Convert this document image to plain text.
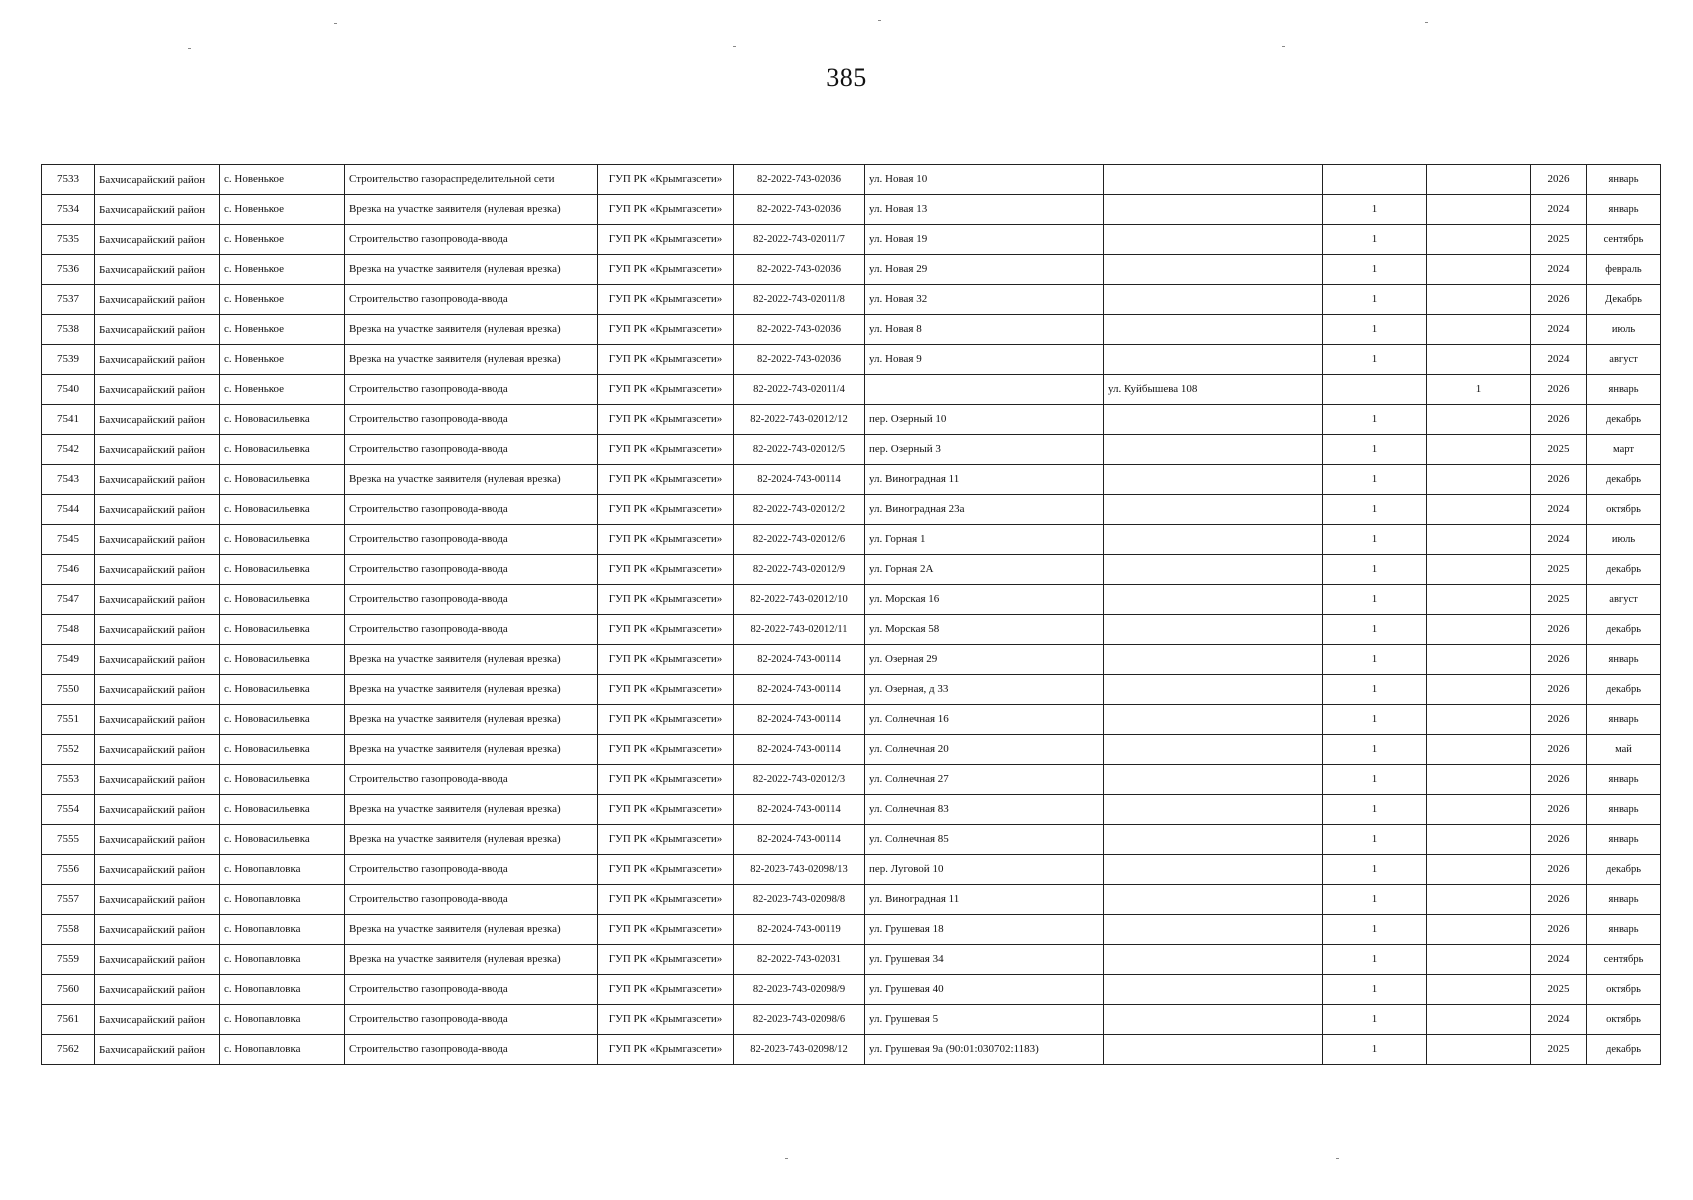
385
7533	Бахчисарайский район	с. Новенькое	Строительство газораспределительной сети	ГУП РК «Крымгазсети»	82-2022-743-02036	ул. Новая 10				2026	январь
7534	Бахчисарайский район	с. Новенькое	Врезка на участке заявителя (нулевая врезка)	ГУП РК «Крымгазсети»	82-2022-743-02036	ул. Новая 13		1		2024	январь
7535	Бахчисарайский район	с. Новенькое	Строительство газопровода-ввода	ГУП РК «Крымгазсети»	82-2022-743-02011/7	ул. Новая 19		1		2025	сентябрь
7536	Бахчисарайский район	с. Новенькое	Врезка на участке заявителя (нулевая врезка)	ГУП РК «Крымгазсети»	82-2022-743-02036	ул. Новая 29		1		2024	февраль
7537	Бахчисарайский район	с. Новенькое	Строительство газопровода-ввода	ГУП РК «Крымгазсети»	82-2022-743-02011/8	ул. Новая 32		1		2026	Декабрь
7538	Бахчисарайский район	с. Новенькое	Врезка на участке заявителя (нулевая врезка)	ГУП РК «Крымгазсети»	82-2022-743-02036	ул. Новая 8		1		2024	июль
7539	Бахчисарайский район	с. Новенькое	Врезка на участке заявителя (нулевая врезка)	ГУП РК «Крымгазсети»	82-2022-743-02036	ул. Новая 9		1		2024	август
7540	Бахчисарайский район	с. Новенькое	Строительство газопровода-ввода	ГУП РК «Крымгазсети»	82-2022-743-02011/4		ул. Куйбышева 108		1	2026	январь
7541	Бахчисарайский район	с. Нововасильевка	Строительство газопровода-ввода	ГУП РК «Крымгазсети»	82-2022-743-02012/12	пер. Озерный 10		1		2026	декабрь
7542	Бахчисарайский район	с. Нововасильевка	Строительство газопровода-ввода	ГУП РК «Крымгазсети»	82-2022-743-02012/5	пер. Озерный 3		1		2025	март
7543	Бахчисарайский район	с. Нововасильевка	Врезка на участке заявителя (нулевая врезка)	ГУП РК «Крымгазсети»	82-2024-743-00114	ул. Виноградная 11		1		2026	декабрь
7544	Бахчисарайский район	с. Нововасильевка	Строительство газопровода-ввода	ГУП РК «Крымгазсети»	82-2022-743-02012/2	ул. Виноградная 23а		1		2024	октябрь
7545	Бахчисарайский район	с. Нововасильевка	Строительство газопровода-ввода	ГУП РК «Крымгазсети»	82-2022-743-02012/6	ул. Горная 1		1		2024	июль
7546	Бахчисарайский район	с. Нововасильевка	Строительство газопровода-ввода	ГУП РК «Крымгазсети»	82-2022-743-02012/9	ул. Горная 2А		1		2025	декабрь
7547	Бахчисарайский район	с. Нововасильевка	Строительство газопровода-ввода	ГУП РК «Крымгазсети»	82-2022-743-02012/10	ул. Морская 16		1		2025	август
7548	Бахчисарайский район	с. Нововасильевка	Строительство газопровода-ввода	ГУП РК «Крымгазсети»	82-2022-743-02012/11	ул. Морская 58		1		2026	декабрь
7549	Бахчисарайский район	с. Нововасильевка	Врезка на участке заявителя (нулевая врезка)	ГУП РК «Крымгазсети»	82-2024-743-00114	ул. Озерная 29		1		2026	январь
7550	Бахчисарайский район	с. Нововасильевка	Врезка на участке заявителя (нулевая врезка)	ГУП РК «Крымгазсети»	82-2024-743-00114	ул. Озерная, д 33		1		2026	декабрь
7551	Бахчисарайский район	с. Нововасильевка	Врезка на участке заявителя (нулевая врезка)	ГУП РК «Крымгазсети»	82-2024-743-00114	ул. Солнечная 16		1		2026	январь
7552	Бахчисарайский район	с. Нововасильевка	Врезка на участке заявителя (нулевая врезка)	ГУП РК «Крымгазсети»	82-2024-743-00114	ул. Солнечная 20		1		2026	май
7553	Бахчисарайский район	с. Нововасильевка	Строительство газопровода-ввода	ГУП РК «Крымгазсети»	82-2022-743-02012/3	ул. Солнечная 27		1		2026	январь
7554	Бахчисарайский район	с. Нововасильевка	Врезка на участке заявителя (нулевая врезка)	ГУП РК «Крымгазсети»	82-2024-743-00114	ул. Солнечная 83		1		2026	январь
7555	Бахчисарайский район	с. Нововасильевка	Врезка на участке заявителя (нулевая врезка)	ГУП РК «Крымгазсети»	82-2024-743-00114	ул. Солнечная 85		1		2026	январь
7556	Бахчисарайский район	с. Новопавловка	Строительство газопровода-ввода	ГУП РК «Крымгазсети»	82-2023-743-02098/13	пер. Луговой 10		1		2026	декабрь
7557	Бахчисарайский район	с. Новопавловка	Строительство газопровода-ввода	ГУП РК «Крымгазсети»	82-2023-743-02098/8	ул. Виноградная 11		1		2026	январь
7558	Бахчисарайский район	с. Новопавловка	Врезка на участке заявителя (нулевая врезка)	ГУП РК «Крымгазсети»	82-2024-743-00119	ул. Грушевая 18		1		2026	январь
7559	Бахчисарайский район	с. Новопавловка	Врезка на участке заявителя (нулевая врезка)	ГУП РК «Крымгазсети»	82-2022-743-02031	ул. Грушевая 34		1		2024	сентябрь
7560	Бахчисарайский район	с. Новопавловка	Строительство газопровода-ввода	ГУП РК «Крымгазсети»	82-2023-743-02098/9	ул. Грушевая 40		1		2025	октябрь
7561	Бахчисарайский район	с. Новопавловка	Строительство газопровода-ввода	ГУП РК «Крымгазсети»	82-2023-743-02098/6	ул. Грушевая 5		1		2024	октябрь
7562	Бахчисарайский район	с. Новопавловка	Строительство газопровода-ввода	ГУП РК «Крымгазсети»	82-2023-743-02098/12	ул. Грушевая 9а (90:01:030702:1183)		1		2025	декабрь
